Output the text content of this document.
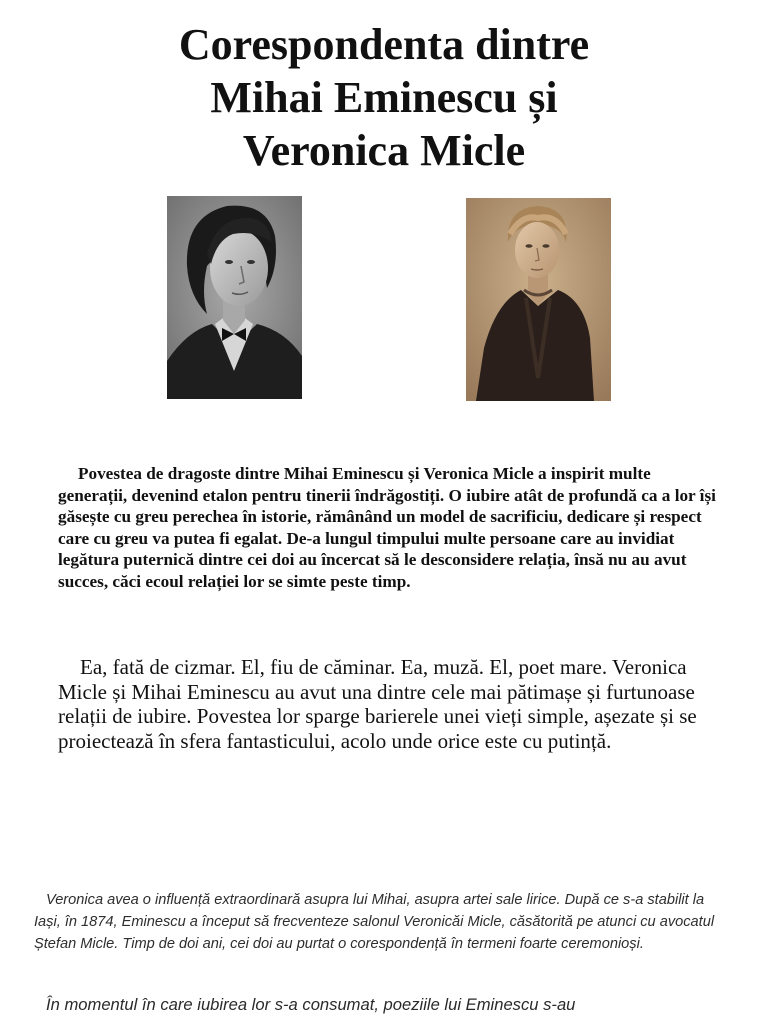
Corespondenta dintre
Mihai Eminescu și
Veronica Micle

Povestea de dragoste dintre Mihai Eminescu și Veronica Micle a inspirit multe generații, devenind etalon pentru tinerii îndrăgostiți. O iubire atât de profundă ca a lor își găsește cu greu perechea în istorie, rămânând un model de sacrificiu, dedicare și respect care cu greu va putea fi egalat. De-a lungul timpului multe persoane care au invidiat legătura puternică dintre cei doi au încercat să le desconsidere relația, însă nu au avut succes, căci ecoul relației lor se simte peste timp.

Ea, fată de cizmar. El, fiu de căminar. Ea, muză. El, poet mare. Veronica Micle și Mihai Eminescu au avut una dintre cele mai pătimașe și furtunoase relații de iubire. Povestea lor sparge barierele unei vieți simple, așezate și se proiectează în sfera fantasticului, acolo unde orice este cu putință.

Veronica avea o influență extraordinară asupra lui Mihai, asupra artei sale lirice. După ce s-a stabilit la Iași, în 1874, Eminescu a început să frecventeze salonul Veronicăi Micle, căsătorită pe atunci cu avocatul Ștefan Micle. Timp de doi ani, cei doi au purtat o corespondență în termeni foarte ceremonioși.

În momentul în care iubirea lor s-a consumat, poeziile lui Eminescu s-au
